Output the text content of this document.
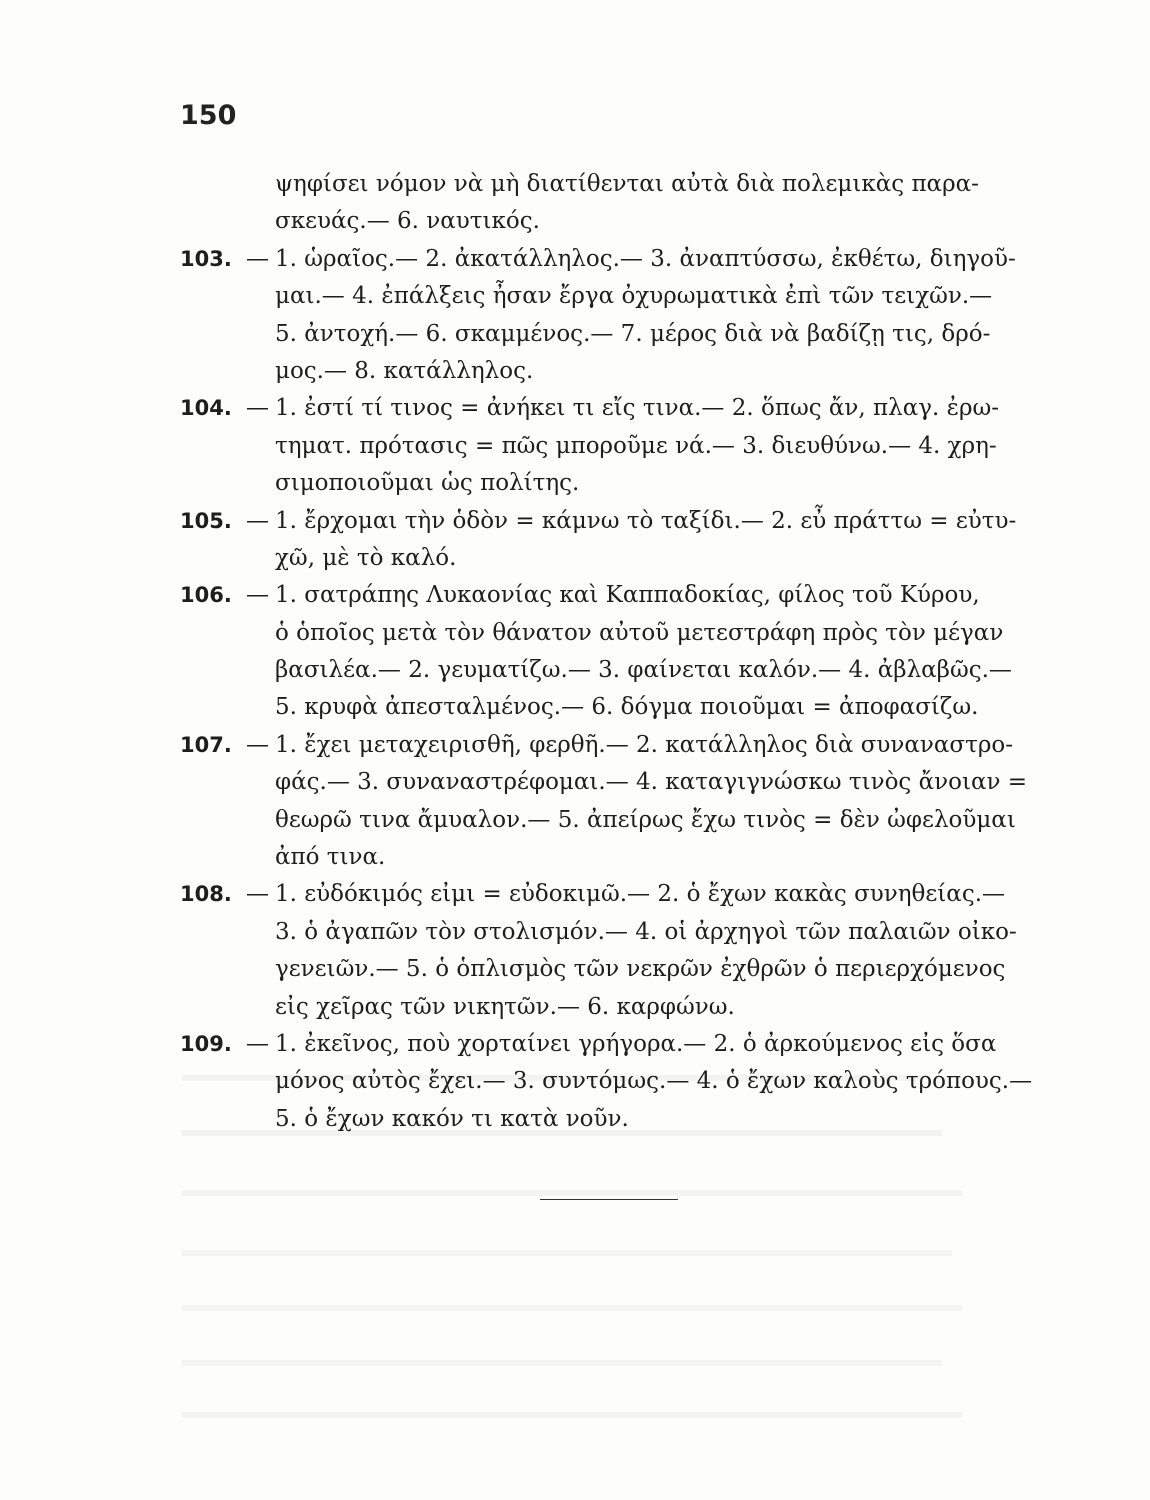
150
ψηφίσει νόμον νὰ μὴ διατίθενται αὐτὰ διὰ πολεμικὰς παρα-
σκευάς.— 6. ναυτικός.
103. — 1. ὡραῖος.— 2. ἀκατάλληλος.— 3. ἀναπτύσσω, ἐκθέτω, διηγοῦ-
μαι.— 4. ἐπάλξεις ἦσαν ἔργα ὀχυρωματικὰ ἐπὶ τῶν τειχῶν.—
5. ἀντοχή.— 6. σκαμμένος.— 7. μέρος διὰ νὰ βαδίζῃ τις, δρό-
μος.— 8. κατάλληλος.
104. — 1. ἐστί τί τινος = ἀνήκει τι εἴς τινα.— 2. ὅπως ἄν, πλαγ. ἐρω-
τηματ. πρότασις = πῶς μποροῦμε νά.— 3. διευθύνω.— 4. χρη-
σιμοποιοῦμαι ὡς πολίτης.
105. — 1. ἔρχομαι τὴν ὁδὸν = κάμνω τὸ ταξίδι.— 2. εὖ πράττω = εὐτυ-
χῶ, μὲ τὸ καλό.
106. — 1. σατράπης Λυκαονίας καὶ Καππαδοκίας, φίλος τοῦ Κύρου,
ὁ ὁποῖος μετὰ τὸν θάνατον αὐτοῦ μετεστράφη πρὸς τὸν μέγαν
βασιλέα.— 2. γευματίζω.— 3. φαίνεται καλόν.— 4. ἀβλαβῶς.—
5. κρυφὰ ἀπεσταλμένος.— 6. δόγμα ποιοῦμαι = ἀποφασίζω.
107. — 1. ἔχει μεταχειρισθῆ, φερθῆ.— 2. κατάλληλος διὰ συναναστρο-
φάς.— 3. συναναστρέφομαι.— 4. καταγιγνώσκω τινὸς ἄνοιαν =
θεωρῶ τινα ἄμυαλον.— 5. ἀπείρως ἔχω τινὸς = δὲν ὠφελοῦμαι
ἀπό τινα.
108. — 1. εὐδόκιμός εἰμι = εὐδοκιμῶ.— 2. ὁ ἔχων κακὰς συνηθείας.—
3. ὁ ἀγαπῶν τὸν στολισμόν.— 4. οἱ ἀρχηγοὶ τῶν παλαιῶν οἰκο-
γενειῶν.— 5. ὁ ὁπλισμὸς τῶν νεκρῶν ἐχθρῶν ὁ περιερχόμενος
εἰς χεῖρας τῶν νικητῶν.— 6. καρφώνω.
109. — 1. ἐκεῖνος, ποὺ χορταίνει γρήγορα.— 2. ὁ ἀρκούμενος εἰς ὅσα
μόνος αὐτὸς ἔχει.— 3. συντόμως.— 4. ὁ ἔχων καλοὺς τρόπους.—
5. ὁ ἔχων κακόν τι κατὰ νοῦν.
